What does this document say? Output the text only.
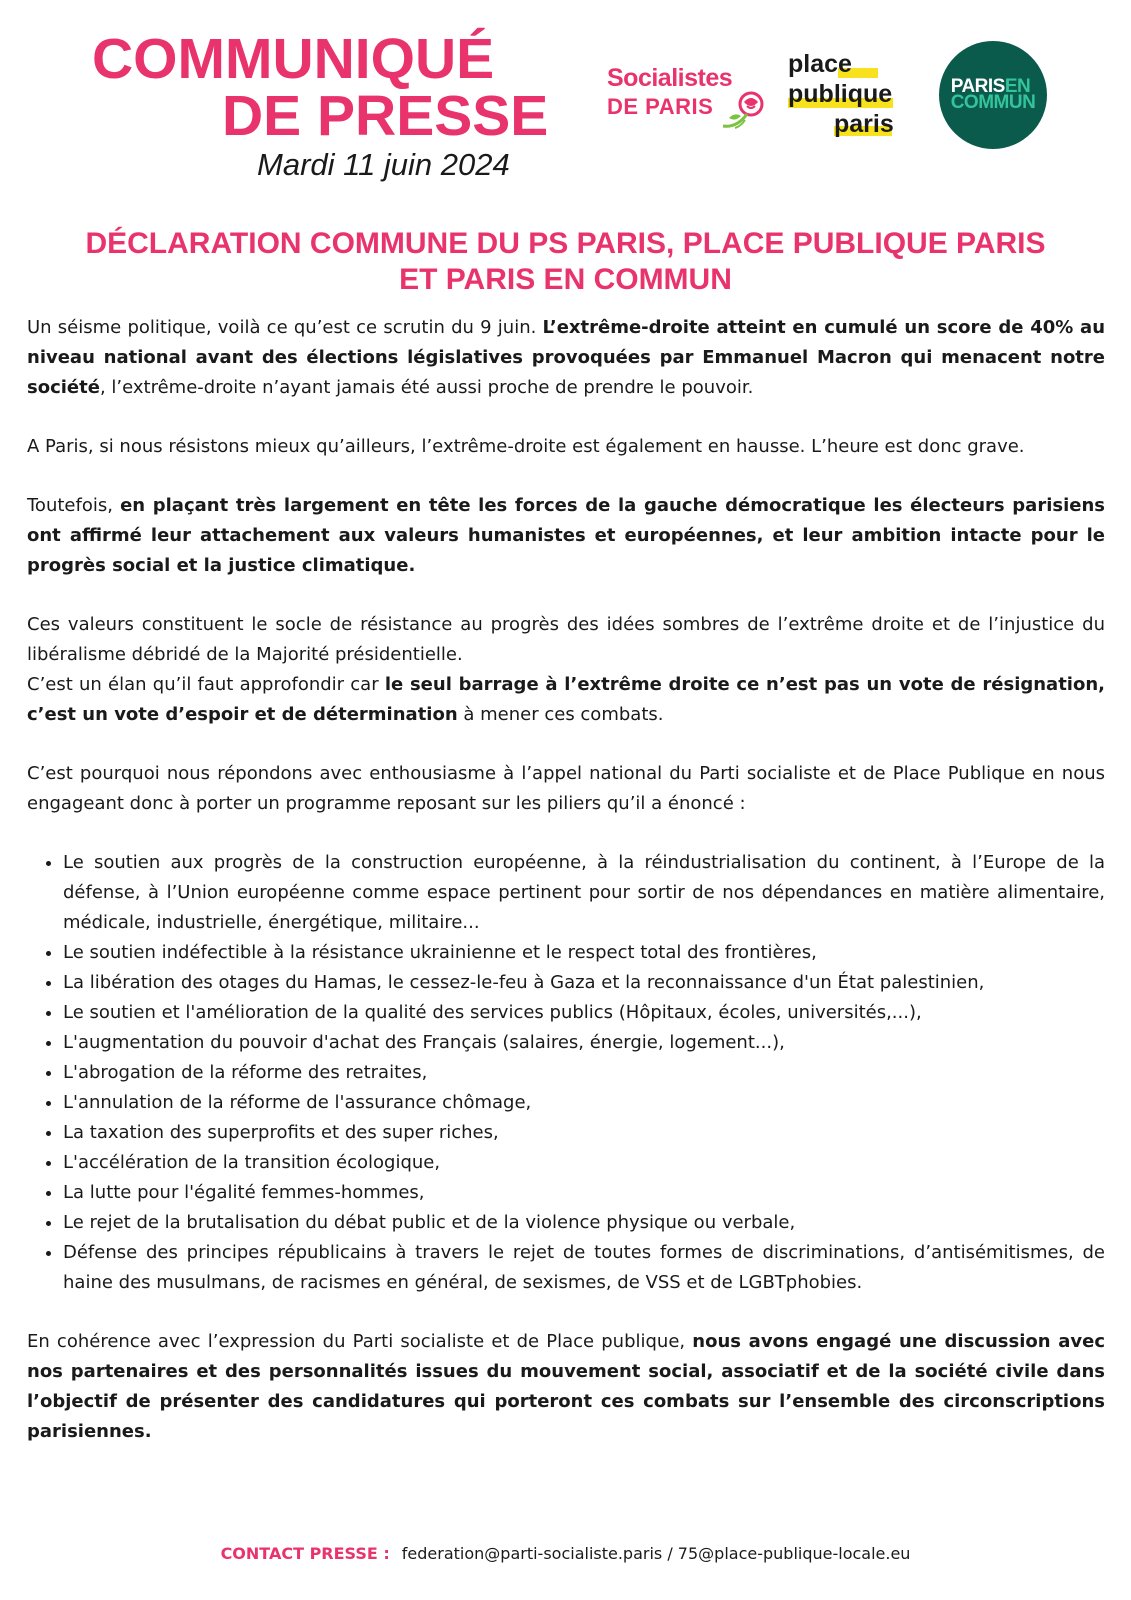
COMMUNIQUÉ
DE PRESSE
Mardi 11 juin 2024
Socialistes
DE PARIS
place
publique
paris
PARISEN
COMMUN
DÉCLARATION COMMUNE DU PS PARIS, PLACE PUBLIQUE PARIS
ET PARIS EN COMMUN

Un séisme politique, voilà ce qu’est ce scrutin du 9 juin. L’extrême-droite atteint en cumulé un score de 40% au niveau national avant des élections législatives provoquées par Emmanuel Macron qui menacent notre société, l’extrême-droite n’ayant jamais été aussi proche de prendre le pouvoir.

A Paris, si nous résistons mieux qu’ailleurs, l’extrême-droite est également en hausse. L’heure est donc grave.

Toutefois, en plaçant très largement en tête les forces de la gauche démocratique les électeurs parisiens ont affirmé leur attachement aux valeurs humanistes et européennes, et leur ambition intacte pour le progrès social et la justice climatique.

Ces valeurs constituent le socle de résistance au progrès des idées sombres de l’extrême droite et de l’injustice du libéralisme débridé de la Majorité présidentielle.

C’est un élan qu’il faut approfondir car le seul barrage à l’extrême droite ce n’est pas un vote de résignation, c’est un vote d’espoir et de détermination à mener ces combats.

C’est pourquoi nous répondons avec enthousiasme à l’appel national du Parti socialiste et de Place Publique en nous engageant donc à porter un programme reposant sur les piliers qu’il a énoncé :

• Le soutien aux progrès de la construction européenne, à la réindustrialisation du continent, à l’Europe de la défense, à l’Union européenne comme espace pertinent pour sortir de nos dépendances en matière alimentaire, médicale, industrielle, énergétique, militaire...
• Le soutien indéfectible à la résistance ukrainienne et le respect total des frontières,
• La libération des otages du Hamas, le cessez-le-feu à Gaza et la reconnaissance d'un État palestinien,
• Le soutien et l'amélioration de la qualité des services publics (Hôpitaux, écoles, universités,...),
• L'augmentation du pouvoir d'achat des Français (salaires, énergie, logement...),
• L'abrogation de la réforme des retraites,
• L'annulation de la réforme de l'assurance chômage,
• La taxation des superprofits et des super riches,
• L'accélération de la transition écologique,
• La lutte pour l'égalité femmes-hommes,
• Le rejet de la brutalisation du débat public et de la violence physique ou verbale,
• Défense des principes républicains à travers le rejet de toutes formes de discriminations, d’antisémitismes, de haine des musulmans, de racismes en général, de sexismes, de VSS et de LGBTphobies.

En cohérence avec l’expression du Parti socialiste et de Place publique, nous avons engagé une discussion avec nos partenaires et des personnalités issues du mouvement social, associatif et de la société civile dans l’objectif de présenter des candidatures qui porteront ces combats sur l’ensemble des circonscriptions parisiennes.

CONTACT PRESSE : federation@parti-socialiste.paris / 75@place-publique-locale.eu
